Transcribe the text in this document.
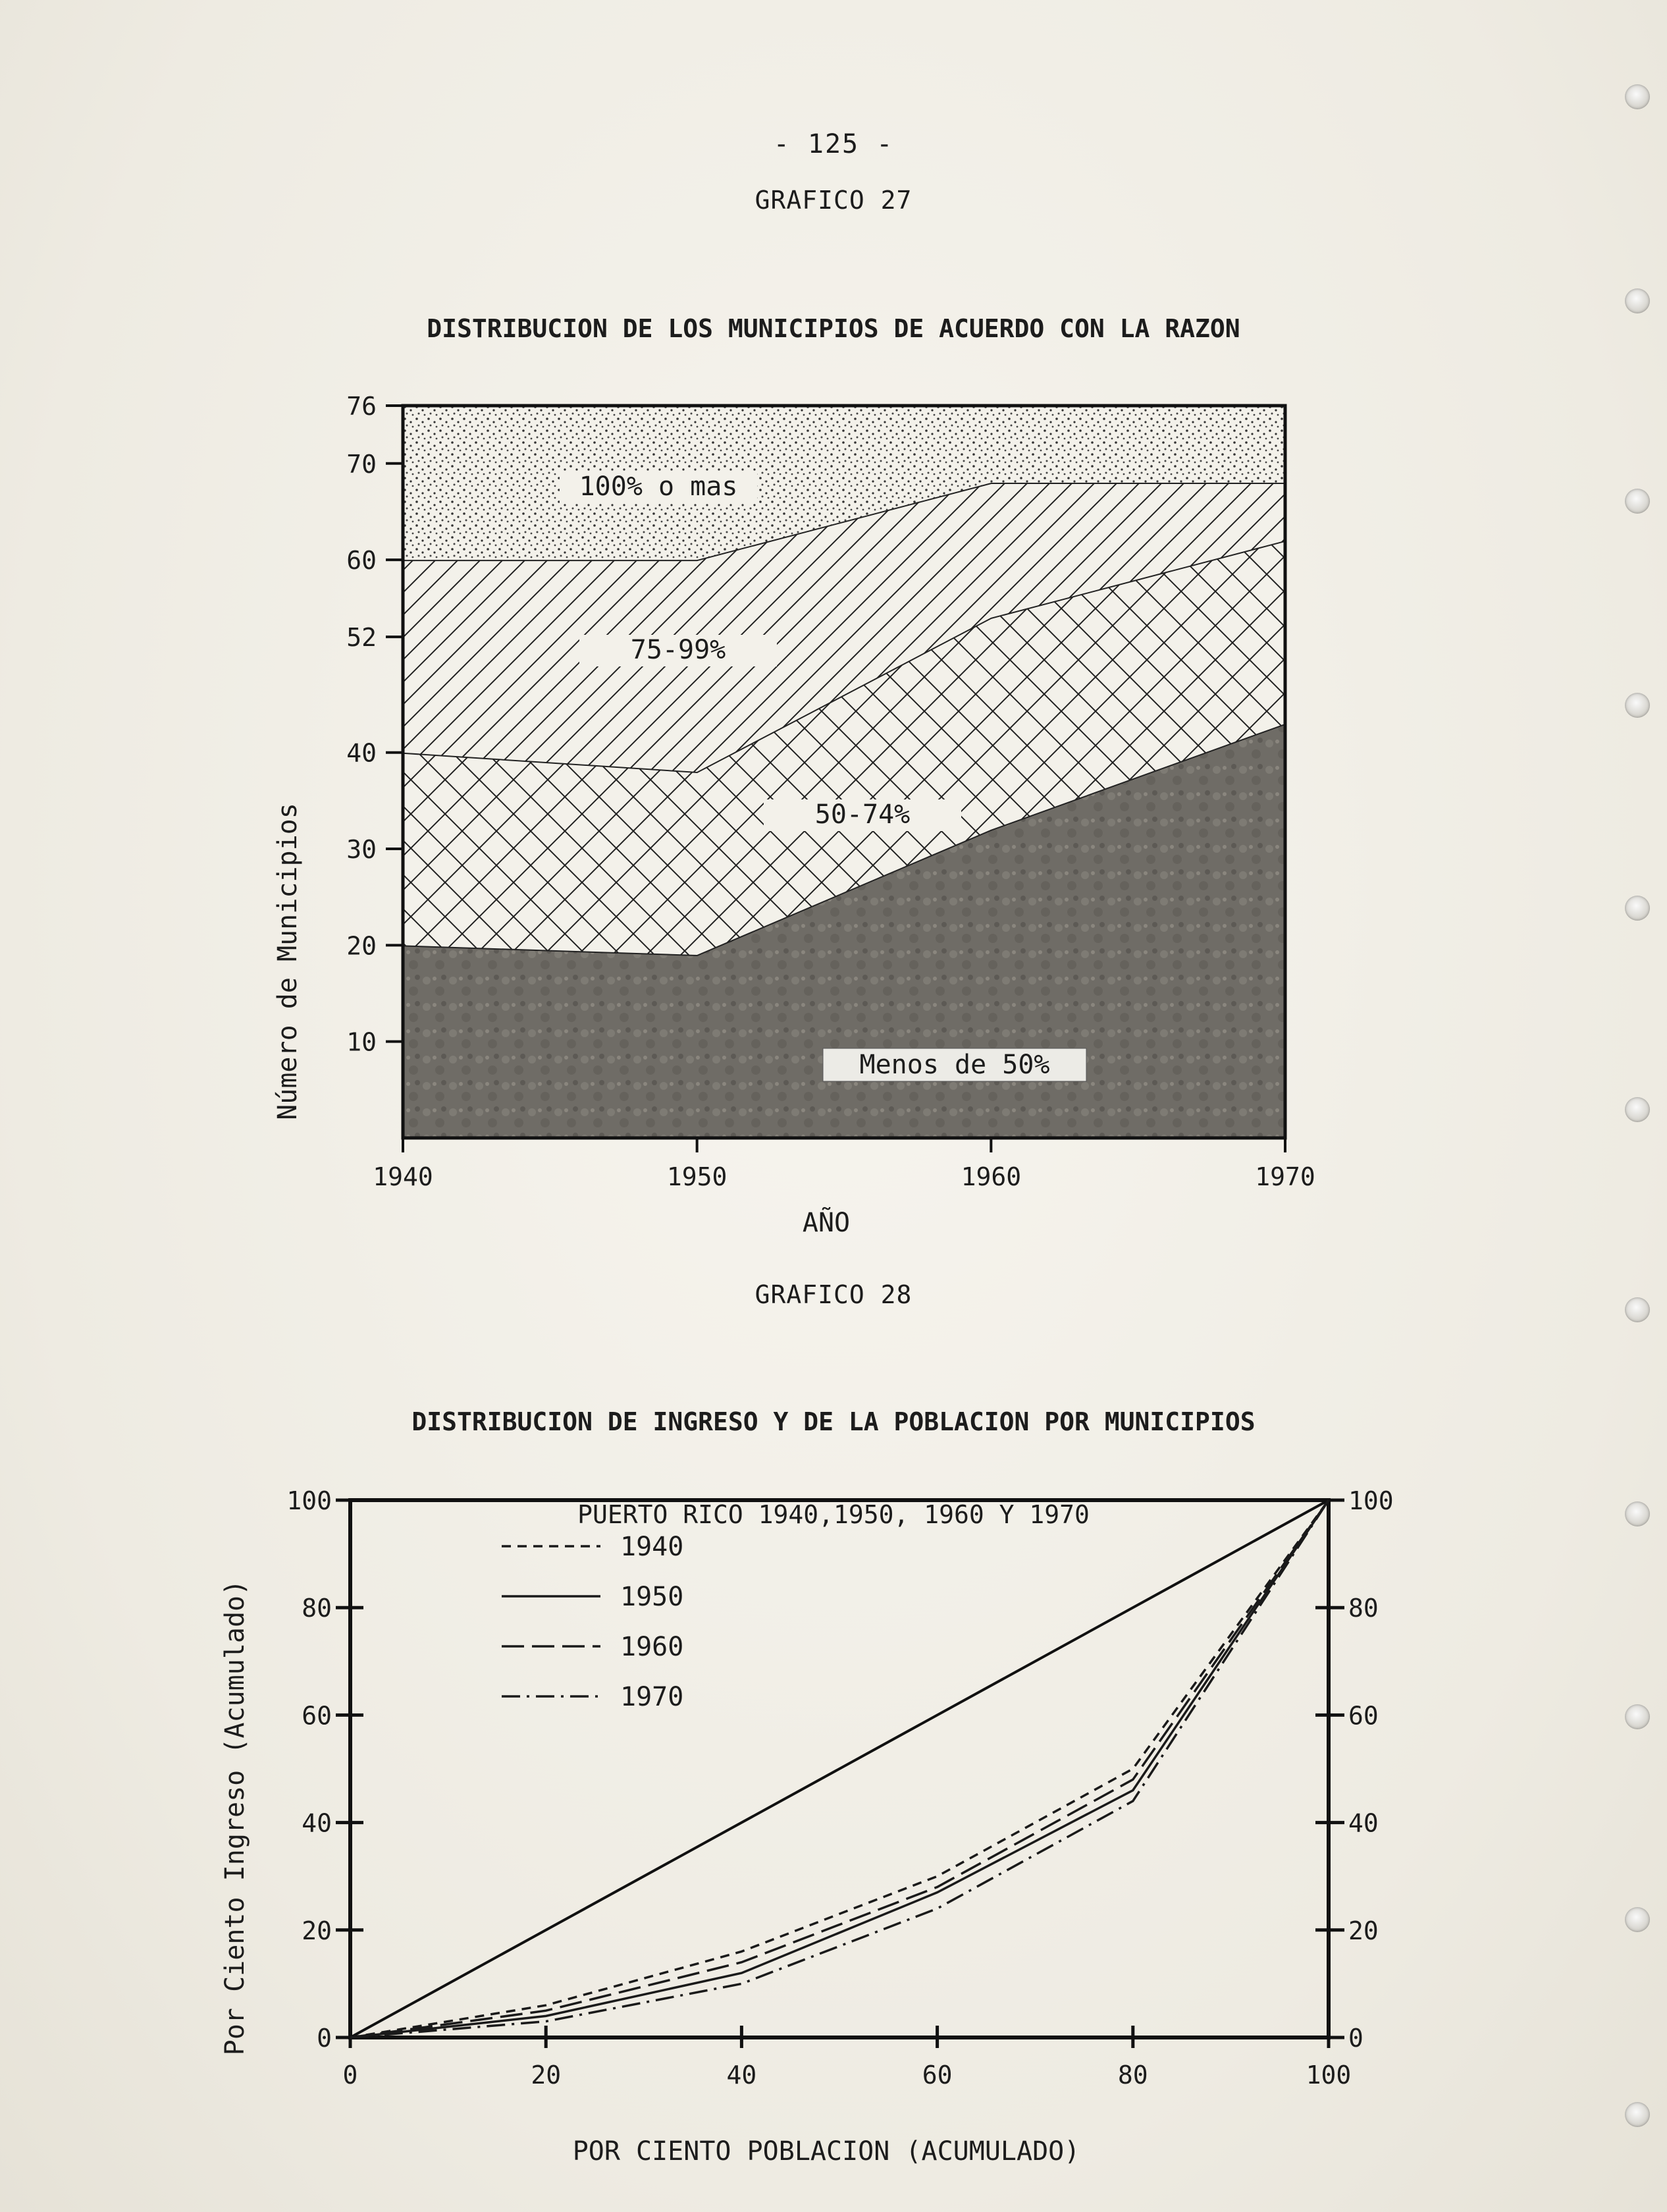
- 125 -
GRAFICO 27

DISTRIBUCION DE LOS MUNICIPIOS DE ACUERDO CON LA RAZON

10
20
30
40
52
60
70
76
1940	1950	1960	1970
Menos de 50%
50-74%
75-99%
100% o mas
Número de Municipios
AÑO
GRAFICO 28

DISTRIBUCION DE INGRESO Y DE LA POBLACION POR MUNICIPIOS

PUERTO RICO 1940,1950, 1960 Y 1970

0
20
40
60
80
100
0
20
40
60
80
100
0	20	40	60	80	100
1940
1950
1960
1970
Por Ciento Ingreso (Acumulado)
POR CIENTO POBLACION (ACUMULADO)
